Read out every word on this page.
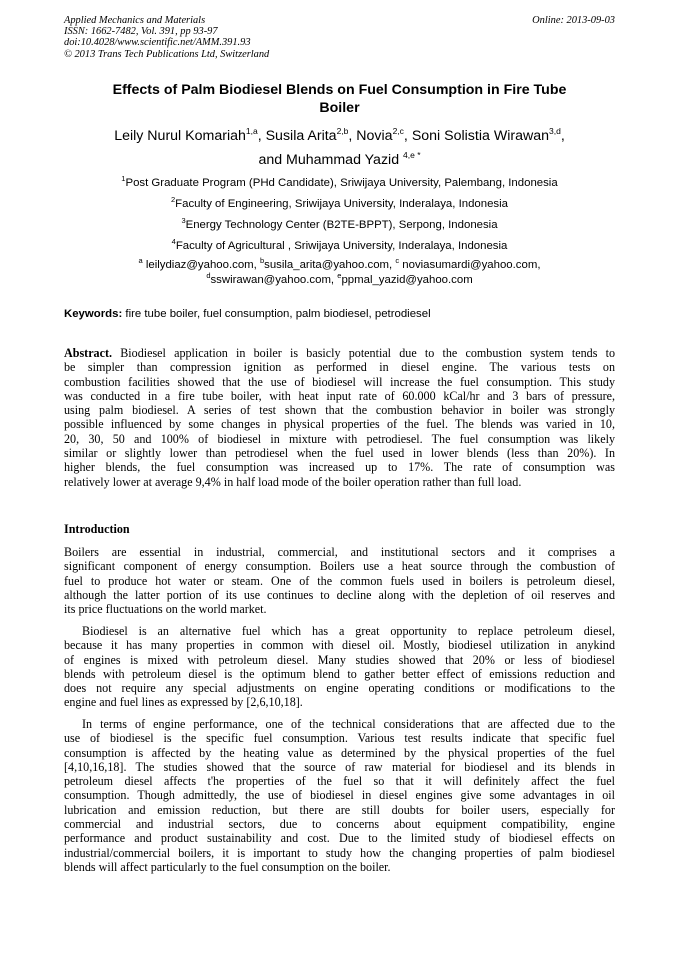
Applied Mechanics and Materials
ISSN: 1662-7482, Vol. 391, pp 93-97
doi:10.4028/www.scientific.net/AMM.391.93
© 2013 Trans Tech Publications Ltd, Switzerland
Online: 2013-09-03
Effects of Palm Biodiesel Blends on Fuel Consumption in Fire Tube
Boiler
Leily Nurul Komariah$^{1,a}$, Susila Arita$^{2,b}$, Novia$^{2,c}$, Soni Solistia Wirawan$^{3,d}$,
and Muhammad Yazid $^{4,e *}$
$^1$Post Graduate Program (PHd Candidate), Sriwijaya University, Palembang, Indonesia
$^2$Faculty of Engineering, Sriwijaya University, Inderalaya, Indonesia
$^3$Energy Technology Center (B2TE-BPPT), Serpong, Indonesia
$^4$Faculty of Agricultural , Sriwijaya University, Inderalaya, Indonesia
$^a$ leilydiaz@yahoo.com, $^b$susila_arita@yahoo.com, $^c$ noviasumardi@yahoo.com,
$^d$sswirawan@yahoo.com, $^e$ppmal_yazid@yahoo.com
Keywords: fire tube boiler, fuel consumption, palm biodiesel, petrodiesel
Abstract. Biodiesel application in boiler is basicly potential due to the combustion system tends to
be simpler than compression ignition as performed in diesel engine. The various tests on
combustion facilities showed that the use of biodiesel will increase the fuel consumption. This study
was conducted in a fire tube boiler, with heat input rate of 60.000 kCal/hr and 3 bars of pressure,
using palm biodiesel. A series of test shown that the combustion behavior in boiler was strongly
possible influenced by some changes in physical properties of the fuel. The blends was varied in 10,
20, 30, 50 and 100% of biodiesel in mixture with petrodiesel. The fuel consumption was likely
similar or slightly lower than petrodiesel when the fuel used in lower blends (less than 20%). In
higher blends, the fuel consumption was increased up to 17%. The rate of consumption was
relatively lower at average 9,4% in half load mode of the boiler operation rather than full load.
Introduction
Boilers are essential in industrial, commercial, and institutional sectors and it comprises a
significant component of energy consumption. Boilers use a heat source through the combustion of
fuel to produce hot water or steam. One of the common fuels used in boilers is petroleum diesel,
although the latter portion of its use continues to decline along with the depletion of oil reserves and
its price fluctuations on the world market.
Biodiesel is an alternative fuel which has a great opportunity to replace petroleum diesel,
because it has many properties in common with diesel oil. Mostly, biodiesel utilization in anykind
of engines is mixed with petroleum diesel. Many studies showed that 20% or less of biodiesel
blends with petroleum diesel is the optimum blend to gather better effect of emissions reduction and
does not require any special adjustments on engine operating conditions or modifications to the
engine and fuel lines as expressed by [2,6,10,18].
In terms of engine performance, one of the technical considerations that are affected due to the
use of biodiesel is the specific fuel consumption. Various test results indicate that specific fuel
consumption is affected by the heating value as determined by the physical properties of the fuel
[4,10,16,18]. The studies showed that the source of raw material for biodiesel and its blends in
petroleum diesel affects t'he properties of the fuel so that it will definitely affect the fuel
consumption. Though admittedly, the use of biodiesel in diesel engines give some advantages in oil
lubrication and emission reduction, but there are still doubts for boiler users, especially for
commercial and industrial sectors, due to concerns about equipment compatibility, engine
performance and product sustainability and cost. Due to the limited study of biodiesel effects on
industrial/commercial boilers, it is important to study how the changing properties of palm biodiesel
blends will affect particularly to the fuel consumption on the boiler.
